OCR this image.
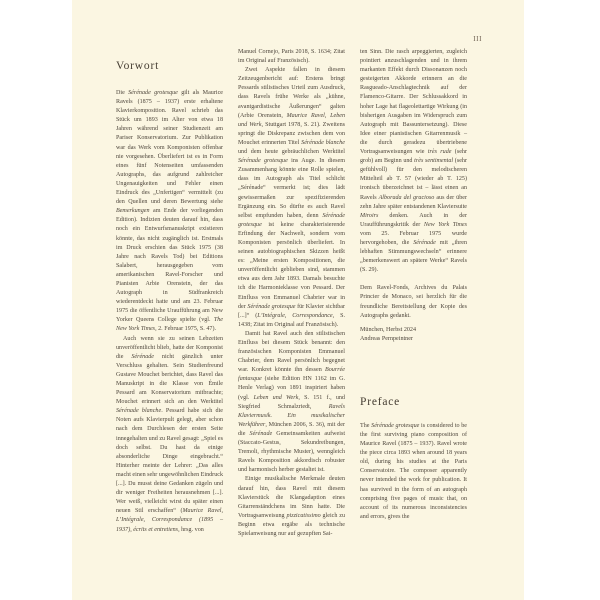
III
Vorwort

Die Sérénade grotesque gilt als Maurice Ravels (1875 – 1937) erste erhaltene Klavierkomposition. Ravel schrieb das Stück um 1893 im Alter von etwa 18 Jahren während seiner Studienzeit am Pariser Konservatorium. Zur Publikation war das Werk vom Komponisten offenbar nie vorgesehen. Überliefert ist es in Form eines fünf Notenseiten umfassenden Autographs, das aufgrund zahlreicher Ungenauigkeiten und Fehler einen Eindruck des „Unfertigen“ vermittelt (zu den Quellen und deren Bewertung siehe Bemerkungen am Ende der vorliegenden Edition). Indizien deuten darauf hin, dass noch ein Entwurfsmanuskript existieren könnte, das nicht zugänglich ist. Erstmals im Druck erschien das Stück 1975 (38 Jahre nach Ravels Tod) bei Editions Salabert, herausgegeben vom amerikanischen Ravel-Forscher und Pianisten Arbie Orenstein, der das Autograph in Südfrankreich wiederentdeckt hatte und am 23. Februar 1975 die öffentliche Uraufführung am New Yorker Queens College spielte (vgl. The New York Times, 2. Februar 1975, S. 47).

Auch wenn sie zu seinen Lebzeiten unveröffentlicht blieb, hatte der Komponist die Sérénade nicht gänzlich unter Verschluss gehalten. Sein Studienfreund Gustave Mouchet berichtet, dass Ravel das Manuskript in die Klasse von Émile Pessard am Konservatorium mitbrachte; Mouchet erinnert sich an den Werktitel Sérénade blanche. Pessard habe sich die Noten aufs Klavierpult gelegt, aber schon nach dem Durchlesen der ersten Seite innegehalten und zu Ravel gesagt: „Spiel es doch selbst. Du hast da einige absonderliche Dinge eingebracht.“ Hinterher meinte der Lehrer: „Das alles macht einen sehr ungewöhnlichen Eindruck [...]. Du musst deine Gedanken zügeln und dir weniger Freiheiten herausnehmen [...]. Wer weiß, vielleicht wirst du später einen neuen Stil erschaffen“ (Maurice Ravel, L’Intégrale, Correspondance (1895 – 1937), écrits et entretiens, hrsg. von

Manuel Cornejo, Paris 2018, S. 1634; Zitat im Original auf Französisch).

Zwei Aspekte fallen in diesem Zeitzeugenbericht auf: Erstens bringt Pessards stilistisches Urteil zum Ausdruck, dass Ravels frühe Werke als „kühne, avantgardistische Äußerungen“ galten (Arbie Orenstein, Maurice Ravel, Leben und Werk, Stuttgart 1978, S. 21). Zweitens springt die Diskrepanz zwischen dem von Mouchet erinnerten Titel Sérénade blanche und dem heute gebräuchlichen Werktitel Sérénade grotesque ins Auge. In diesem Zusammenhang könnte eine Rolle spielen, dass im Autograph als Titel schlicht „Sérénade“ vermerkt ist; dies lädt gewissermaßen zur spezifizierenden Ergänzung ein. So dürfte es auch Ravel selbst empfunden haben, denn Sérénade grotesque ist keine charakterisierende Erfindung der Nachwelt, sondern vom Komponisten persönlich überliefert. In seinen autobiographischen Skizzen heißt es: „Meine ersten Kompositionen, die unveröffentlicht geblieben sind, stammen etwa aus dem Jahr 1893. Damals besuchte ich die Harmonieklasse von Pessard. Der Einfluss von Emmanuel Chabrier war in der Sérénade grotesque für Klavier sichtbar [...]“ (L’Intégrale, Correspondance, S. 1438; Zitat im Original auf Französisch).

Damit hat Ravel auch den stilistischen Einfluss bei diesem Stück benannt: den französischen Komponisten Emmanuel Chabrier, dem Ravel persönlich begegnet war. Konkret könnte ihn dessen Bourrée fantasque (siehe Edition HN 1162 im G. Henle Verlag) von 1891 inspiriert haben (vgl. Leben und Werk, S. 151 f., und Siegfried Schmalzriedt, Ravels Klaviermusik. Ein musikalischer Werkführer, München 2006, S. 36), mit der die Sérénade Gemeinsamkeiten aufweist (Staccato-Gestus, Sekundreibungen, Tremoli, rhythmische Muster), wenngleich Ravels Komposition akkordisch robuster und harmonisch herber gestaltet ist.

Einige musikalische Merkmale deuten darauf hin, dass Ravel mit diesem Klavierstück die Klangadaption eines Gitarrenständchens im Sinn hatte. Die Vortragsanweisung pizzicatissimo gleich zu Beginn etwa ergäbe als technische Spielanweisung nur auf gezupften Sai-

ten Sinn. Die rasch arpeggierten, zugleich pointiert anzuschlagenden und in ihrem markanten Effekt durch Dissonanzen noch gesteigerten Akkorde erinnern an die Rasgueado-Anschlagtechnik auf der Flamenco-Gitarre. Der Schlussakkord in hoher Lage hat flageolettartige Wirkung (in bisherigen Ausgaben im Widerspruch zum Autograph mit Bassuntersetzung). Diese Idee einer pianistischen Gitarrenmusik – die durch geradezu übertriebene Vortragsanweisungen wie très rude (sehr grob) am Beginn und très sentimental (sehr gefühlvoll) für den melodischeren Mittelteil ab T. 57 (wieder ab T. 125) ironisch überzeichnet ist – lässt einen an Ravels Alborada del gracioso aus der über zehn Jahre später entstandenen Klaviersuite Miroirs denken. Auch in der Uraufführungskritik der New York Times vom 25. Februar 1975 wurde hervorgehoben, die Sérénade mit „ihren lebhaften Stimmungswechseln“ erinnere „bemerkenswert an spätere Werke“ Ravels (S. 29).

Dem Ravel-Fonds, Archives du Palais Princier de Monaco, sei herzlich für die freundliche Bereitstellung der Kopie des Autographs gedankt.

München, Herbst 2024
Andreas Pernpeintner
Preface

The Sérénade grotesque is considered to be the first surviving piano composition of Maurice Ravel (1875 – 1937). Ravel wrote the piece circa 1893 when around 18 years old, during his studies at the Paris Conservatoire. The composer apparently never intended the work for publication. It has survived in the form of an autograph comprising five pages of music that, on account of its numerous inconsistencies and errors, gives the
